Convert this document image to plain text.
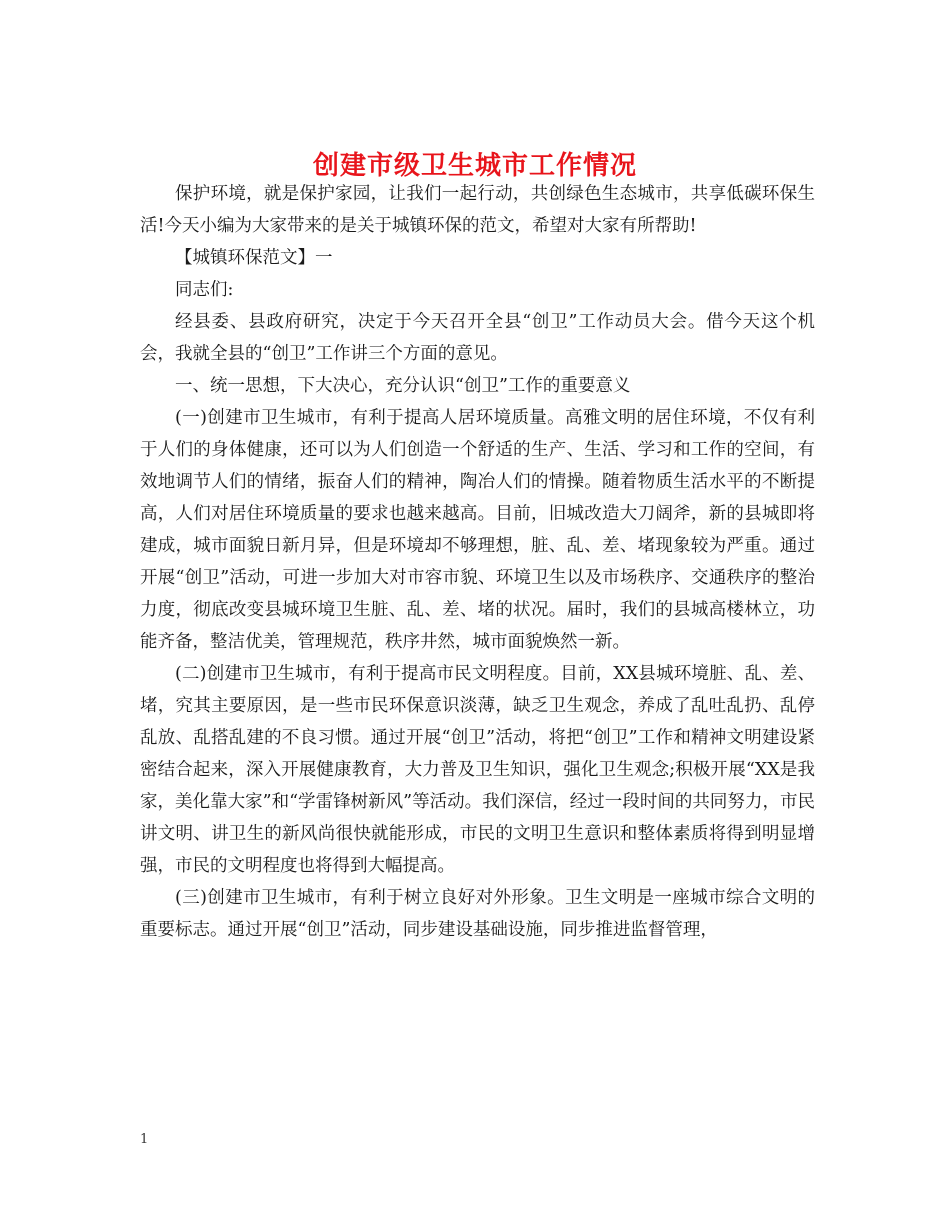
创建市级卫生城市工作情况

保护环境，就是保护家园，让我们一起行动，共创绿色生态城市，共享低碳环保生活!今天小编为大家带来的是关于城镇环保的范文，希望对大家有所帮助!

【城镇环保范文】一

同志们:

经县委、县政府研究，决定于今天召开全县“创卫”工作动员大会。借今天这个机会，我就全县的“创卫”工作讲三个方面的意见。

一、统一思想，下大决心，充分认识“创卫”工作的重要意义

(一)创建市卫生城市，有利于提高人居环境质量。高雅文明的居住环境，不仅有利于人们的身体健康，还可以为人们创造一个舒适的生产、生活、学习和工作的空间，有效地调节人们的情绪，振奋人们的精神，陶冶人们的情操。随着物质生活水平的不断提高，人们对居住环境质量的要求也越来越高。目前，旧城改造大刀阔斧，新的县城即将建成，城市面貌日新月异，但是环境却不够理想，脏、乱、差、堵现象较为严重。通过开展“创卫”活动，可进一步加大对市容市貌、环境卫生以及市场秩序、交通秩序的整治力度，彻底改变县城环境卫生脏、乱、差、堵的状况。届时，我们的县城高楼林立，功能齐备，整洁优美，管理规范，秩序井然，城市面貌焕然一新。

(二)创建市卫生城市，有利于提高市民文明程度。目前，XX县城环境脏、乱、差、堵，究其主要原因，是一些市民环保意识淡薄，缺乏卫生观念，养成了乱吐乱扔、乱停乱放、乱搭乱建的不良习惯。通过开展“创卫”活动，将把“创卫”工作和精神文明建设紧密结合起来，深入开展健康教育，大力普及卫生知识，强化卫生观念;积极开展“XX是我家，美化靠大家”和“学雷锋树新风”等活动。我们深信，经过一段时间的共同努力，市民讲文明、讲卫生的新风尚很快就能形成，市民的文明卫生意识和整体素质将得到明显增强，市民的文明程度也将得到大幅提高。

(三)创建市卫生城市，有利于树立良好对外形象。卫生文明是一座城市综合文明的重要标志。通过开展“创卫”活动，同步建设基础设施，同步推进监督管理，

1
